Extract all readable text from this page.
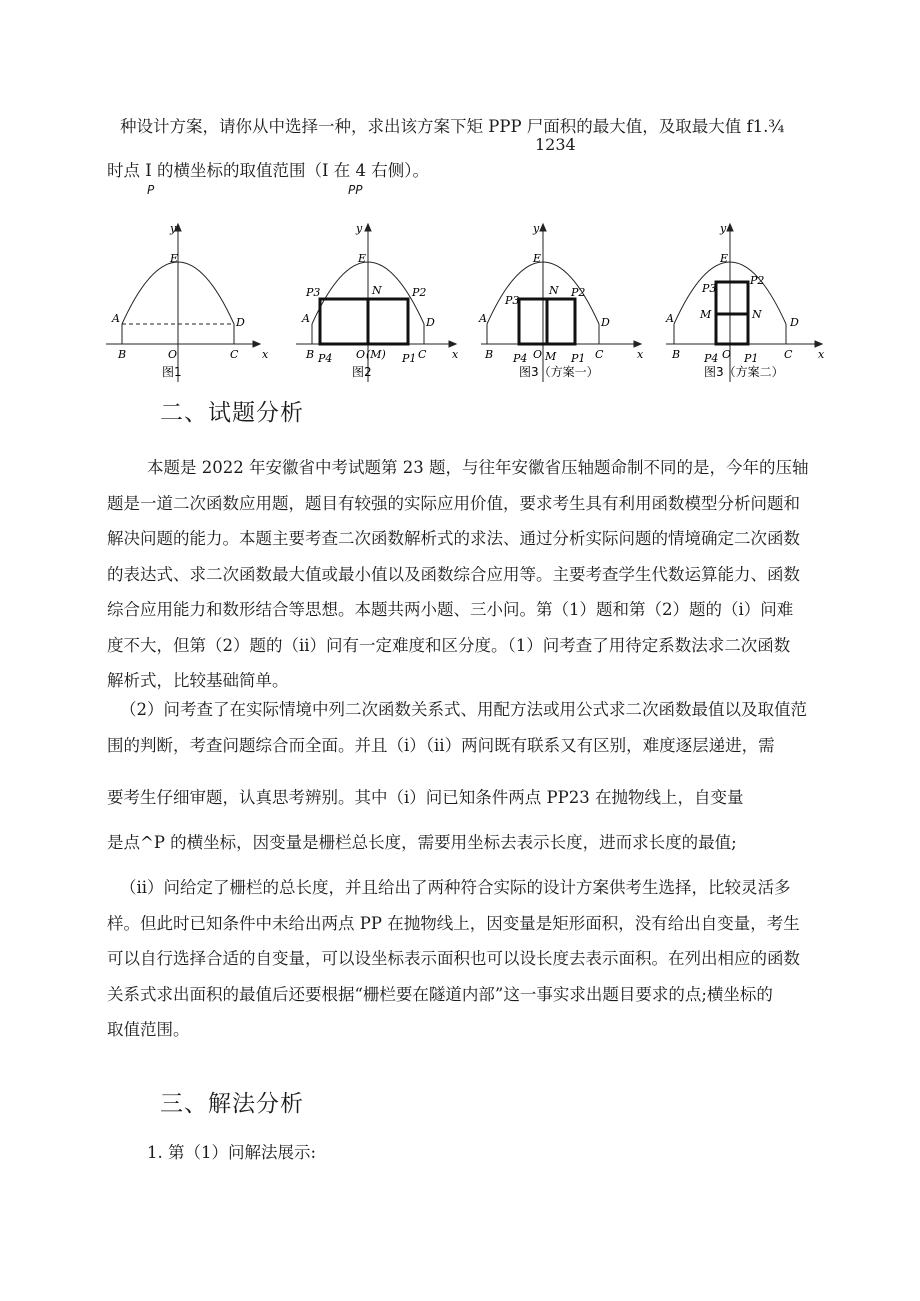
种设计方案，请你从中选择一种，求出该方案下矩 PPP 尸面积的最大值，及取最大值 f1.¾
1234
时点 I 的横坐标的取值范围（I 在 4 右侧）。
P	PP
y
E
A	D
B	O	C x
图1
y
E
P3	N	P2
A	D
B P4 O (M) P1 C x
图2
y
E
P3
N P2
A	D
B P4 O M P1 C	x
图3（方案一）
y
E
P3
P2
A M	N
D
B P4 O P1 C x
图3（方案二）
二、试题分析
本题是 2022 年安徽省中考试题第 23 题，与往年安徽省压轴题命制不同的是，今年的压轴
题是一道二次函数应用题，题目有较强的实际应用价值，要求考生具有利用函数模型分析问题和
解决问题的能力。本题主要考查二次函数解析式的求法、通过分析实际问题的情境确定二次函数
的表达式、求二次函数最大值或最小值以及函数综合应用等。主要考查学生代数运算能力、函数
综合应用能力和数形结合等思想。本题共两小题、三小问。第（1）题和第（2）题的（i）问难
度不大，但第（2）题的（ii）问有一定难度和区分度。（1）问考查了用待定系数法求二次函数
解析式，比较基础简单。
（2）问考查了在实际情境中列二次函数关系式、用配方法或用公式求二次函数最值以及取值范
围的判断，考查问题综合而全面。并且（i）（ii）两问既有联系又有区别，难度逐层递进，需
要考生仔细审题，认真思考辨别。其中（i）问已知条件两点 PP23 在抛物线上，自变量
是点^P 的横坐标，因变量是栅栏总长度，需要用坐标去表示长度，进而求长度的最值;
（ii）问给定了栅栏的总长度，并且给出了两种符合实际的设计方案供考生选择，比较灵活多
样。但此时已知条件中未给出两点 PP 在抛物线上，因变量是矩形面积，没有给出自变量，考生
可以自行选择合适的自变量，可以设坐标表示面积也可以设长度去表示面积。在列出相应的函数
关系式求出面积的最值后还要根据“栅栏要在隧道内部”这一事实求出题目要求的点;横坐标的
取值范围。
三、解法分析
1. 第（1）问解法展示:
